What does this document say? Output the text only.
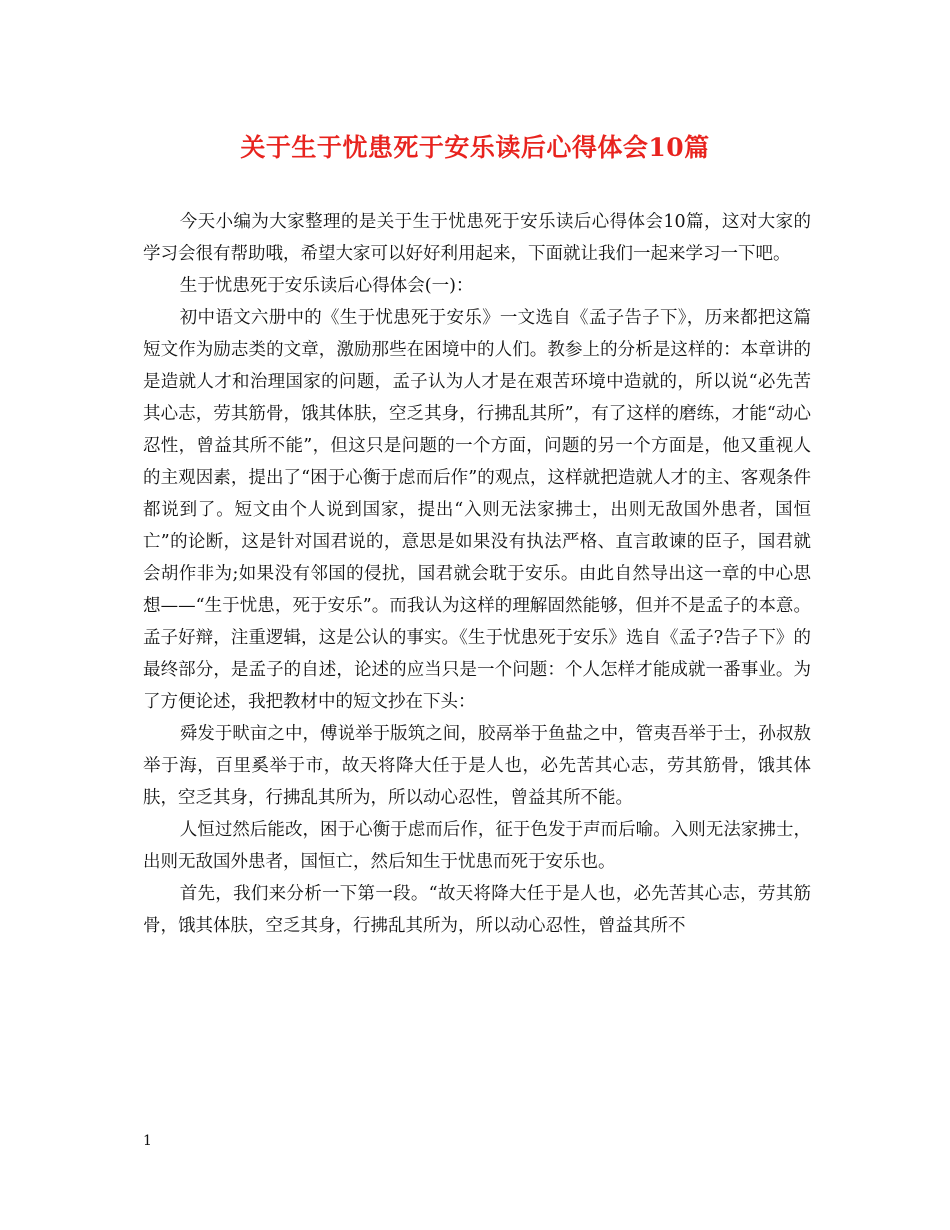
关于生于忧患死于安乐读后心得体会10篇

今天小编为大家整理的是关于生于忧患死于安乐读后心得体会10篇，这对大家的学习会很有帮助哦，希望大家可以好好利用起来，下面就让我们一起来学习一下吧。

生于忧患死于安乐读后心得体会(一)：

初中语文六册中的《生于忧患死于安乐》一文选自《孟子告子下》，历来都把这篇短文作为励志类的文章，激励那些在困境中的人们。教参上的分析是这样的：本章讲的是造就人才和治理国家的问题，孟子认为人才是在艰苦环境中造就的，所以说“必先苦其心志，劳其筋骨，饿其体肤，空乏其身，行拂乱其所”，有了这样的磨练，才能“动心忍性，曾益其所不能”，但这只是问题的一个方面，问题的另一个方面是，他又重视人的主观因素，提出了“困于心衡于虑而后作”的观点，这样就把造就人才的主、客观条件都说到了。短文由个人说到国家，提出“入则无法家拂士，出则无敌国外患者，国恒亡”的论断，这是针对国君说的，意思是如果没有执法严格、直言敢谏的臣子，国君就会胡作非为;如果没有邻国的侵扰，国君就会耽于安乐。由此自然导出这一章的中心思想——“生于忧患，死于安乐”。而我认为这样的理解固然能够，但并不是孟子的本意。孟子好辩，注重逻辑，这是公认的事实。《生于忧患死于安乐》选自《孟子?告子下》的最终部分，是孟子的自述，论述的应当只是一个问题：个人怎样才能成就一番事业。为了方便论述，我把教材中的短文抄在下头：

舜发于畎亩之中，傅说举于版筑之间，胶鬲举于鱼盐之中，管夷吾举于士，孙叔敖举于海，百里奚举于市，故天将降大任于是人也，必先苦其心志，劳其筋骨，饿其体肤，空乏其身，行拂乱其所为，所以动心忍性，曾益其所不能。

人恒过然后能改，困于心衡于虑而后作，征于色发于声而后喻。入则无法家拂士，出则无敌国外患者，国恒亡，然后知生于忧患而死于安乐也。

首先，我们来分析一下第一段。“故天将降大任于是人也，必先苦其心志，劳其筋骨，饿其体肤，空乏其身，行拂乱其所为，所以动心忍性，曾益其所不

1
